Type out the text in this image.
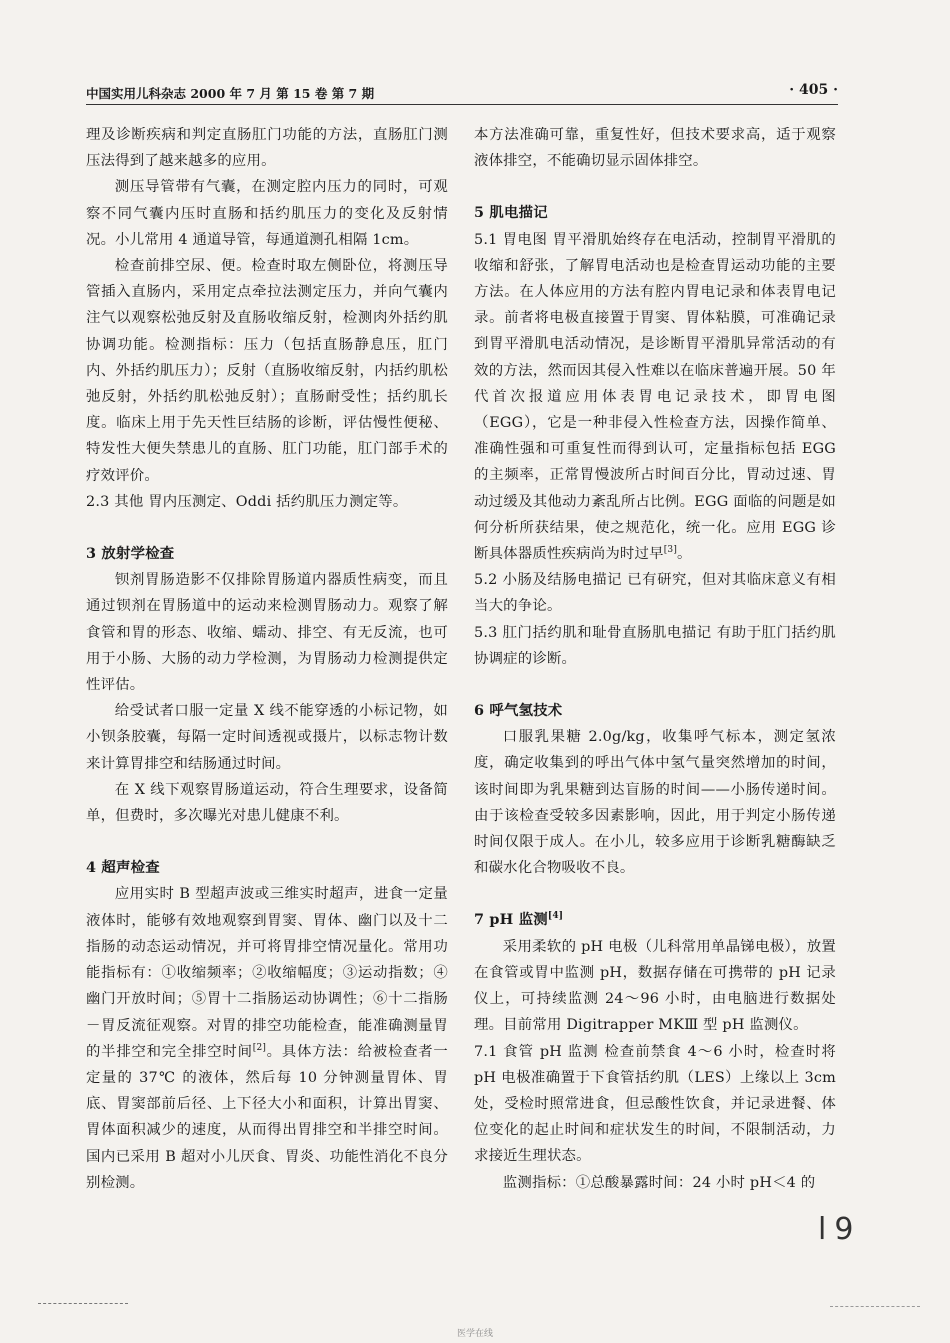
中国实用儿科杂志 2000 年 7 月 第 15 卷 第 7 期	· 405 ·

理及诊断疾病和判定直肠肛门功能的方法，直肠肛门测压法得到了越来越多的应用。

测压导管带有气囊，在测定腔内压力的同时，可观察不同气囊内压时直肠和括约肌压力的变化及反射情况。小儿常用 4 通道导管，每通道测孔相隔 1cm。

检查前排空尿、便。检查时取左侧卧位，将测压导管插入直肠内，采用定点牵拉法测定压力，并向气囊内注气以观察松弛反射及直肠收缩反射，检测肉外括约肌协调功能。检测指标：压力（包括直肠静息压，肛门内、外括约肌压力）；反射（直肠收缩反射，内括约肌松弛反射，外括约肌松弛反射）；直肠耐受性；括约肌长度。临床上用于先天性巨结肠的诊断，评估慢性便秘、特发性大便失禁患儿的直肠、肛门功能，肛门部手术的疗效评价。

2.3 其他 胃内压测定、Oddi 括约肌压力测定等。

3 放射学检查

钡剂胃肠造影不仅排除胃肠道内器质性病变，而且通过钡剂在胃肠道中的运动来检测胃肠动力。观察了解食管和胃的形态、收缩、蠕动、排空、有无反流，也可用于小肠、大肠的动力学检测，为胃肠动力检测提供定性评估。

给受试者口服一定量 X 线不能穿透的小标记物，如小钡条胶囊，每隔一定时间透视或摄片，以标志物计数来计算胃排空和结肠通过时间。

在 X 线下观察胃肠道运动，符合生理要求，设备简单，但费时，多次曝光对患儿健康不利。

4 超声检查

应用实时 B 型超声波或三维实时超声，进食一定量液体时，能够有效地观察到胃窦、胃体、幽门以及十二指肠的动态运动情况，并可将胃排空情况量化。常用功能指标有：①收缩频率；②收缩幅度；③运动指数；④幽门开放时间；⑤胃十二指肠运动协调性；⑥十二指肠－胃反流征观察。对胃的排空功能检查，能准确测量胃的半排空和完全排空时间[2]。具体方法：给被检查者一定量的 37℃ 的液体，然后每 10 分钟测量胃体、胃底、胃窦部前后径、上下径大小和面积，计算出胃窦、胃体面积减少的速度，从而得出胃排空和半排空时间。国内已采用 B 超对小儿厌食、胃炎、功能性消化不良分别检测。

本方法准确可靠，重复性好，但技术要求高，适于观察液体排空，不能确切显示固体排空。

5 肌电描记

5.1 胃电图 胃平滑肌始终存在电活动，控制胃平滑肌的收缩和舒张，了解胃电活动也是检查胃运动功能的主要方法。在人体应用的方法有腔内胃电记录和体表胃电记录。前者将电极直接置于胃窦、胃体粘膜，可准确记录到胃平滑肌电活动情况，是诊断胃平滑肌异常活动的有效的方法，然而因其侵入性难以在临床普遍开展。50 年代首次报道应用体表胃电记录技术，即胃电图（EGG），它是一种非侵入性检查方法，因操作简单、准确性强和可重复性而得到认可，定量指标包括 EGG 的主频率，正常胃慢波所占时间百分比，胃动过速、胃动过缓及其他动力紊乱所占比例。EGG 面临的问题是如何分析所获结果，使之规范化，统一化。应用 EGG 诊断具体器质性疾病尚为时过早[3]。

5.2 小肠及结肠电描记 已有研究，但对其临床意义有相当大的争论。

5.3 肛门括约肌和耻骨直肠肌电描记 有助于肛门括约肌协调症的诊断。

6 呼气氢技术

口服乳果糖 2.0g/kg，收集呼气标本，测定氢浓度，确定收集到的呼出气体中氢气量突然增加的时间，该时间即为乳果糖到达盲肠的时间——小肠传递时间。由于该检查受较多因素影响，因此，用于判定小肠传递时间仅限于成人。在小儿，较多应用于诊断乳糖酶缺乏和碳水化合物吸收不良。

7 pH 监测[4]

采用柔软的 pH 电极（儿科常用单晶锑电极），放置在食管或胃中监测 pH，数据存储在可携带的 pH 记录仪上，可持续监测 24～96 小时，由电脑进行数据处理。目前常用 Digitrapper MKⅢ 型 pH 监测仪。

7.1 食管 pH 监测 检查前禁食 4～6 小时，检查时将 pH 电极准确置于下食管括约肌（LES）上缘以上 3cm 处，受检时照常进食，但忌酸性饮食，并记录进餐、体位变化的起止时间和症状发生的时间，不限制活动，力求接近生理状态。

监测指标：①总酸暴露时间：24 小时 pH＜4 的

l 9
医学在线
